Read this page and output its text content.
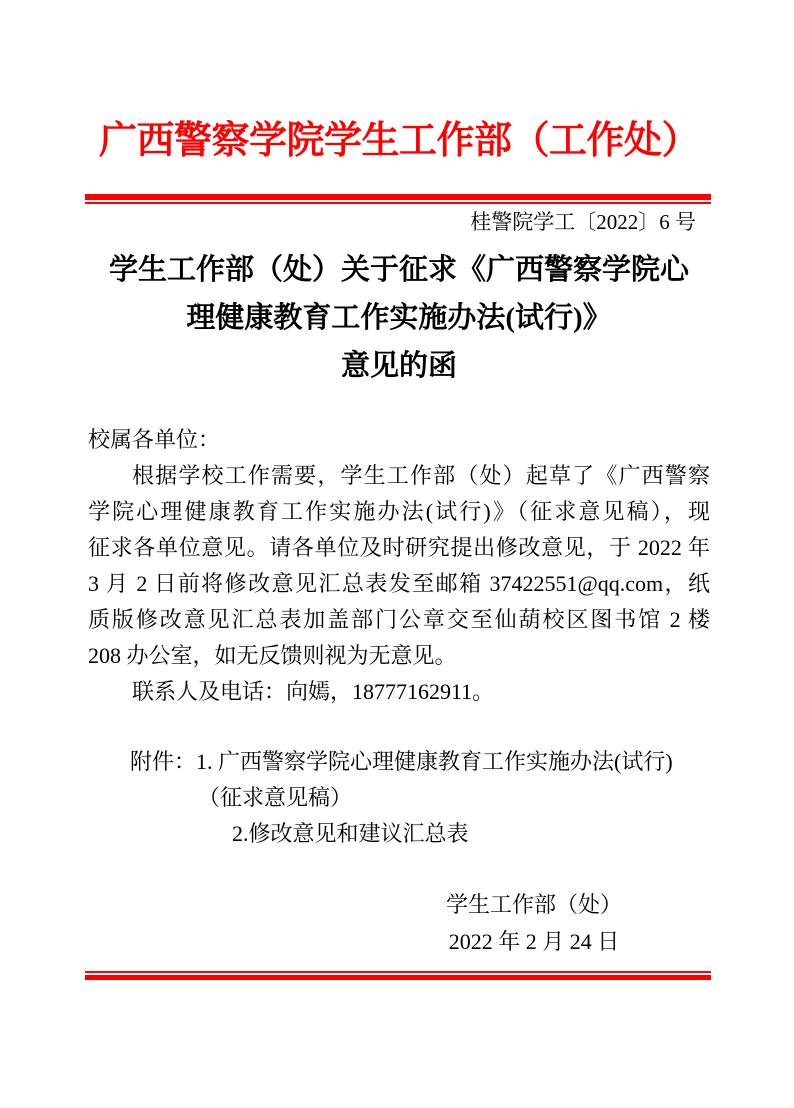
广西警察学院学生工作部（工作处）
桂警院学工〔2022〕6 号
学生工作部（处）关于征求《广西警察学院心
理健康教育工作实施办法(试行)》
意见的函
校属各单位：
根据学校工作需要，学生工作部（处）起草了《广西警察
学院心理健康教育工作实施办法(试行)》（征求意见稿），现
征求各单位意见。请各单位及时研究提出修改意见，于 2022 年
3 月 2 日前将修改意见汇总表发至邮箱 37422551@qq.com，纸
质版修改意见汇总表加盖部门公章交至仙葫校区图书馆 2 楼
208 办公室，如无反馈则视为无意见。
联系人及电话：向嫣，18777162911。
附件：1. 广西警察学院心理健康教育工作实施办法(试行)
（征求意见稿）
2.修改意见和建议汇总表
学生工作部（处）
2022 年 2 月 24 日
